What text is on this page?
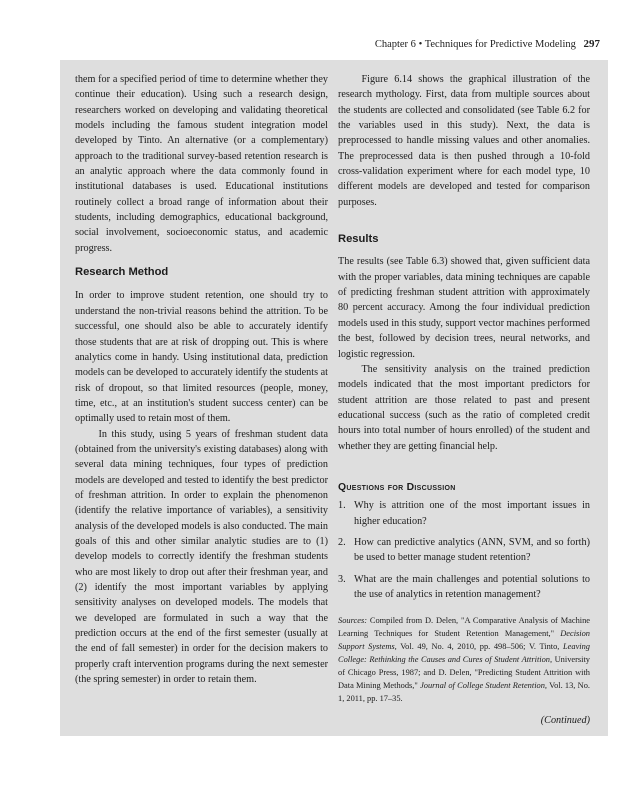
Chapter 6 • Techniques for Predictive Modeling 297

them for a specified period of time to determine whether they continue their education). Using such a research design, researchers worked on developing and validating theoretical models including the famous student integration model developed by Tinto. An alternative (or a complementary) approach to the traditional survey-based retention research is an analytic approach where the data commonly found in institutional databases is used. Educational institutions routinely collect a broad range of information about their students, including demographics, educational background, social involvement, socioeconomic status, and academic progress.

Research Method

In order to improve student retention, one should try to understand the non-trivial reasons behind the attrition. To be successful, one should also be able to accurately identify those students that are at risk of dropping out. This is where analytics come in handy. Using institutional data, prediction models can be developed to accurately identify the students at risk of dropout, so that limited resources (people, money, time, etc., at an institution's student success center) can be optimally used to retain most of them.

In this study, using 5 years of freshman student data (obtained from the university's existing databases) along with several data mining techniques, four types of prediction models are developed and tested to identify the best predictor of freshman attrition. In order to explain the phenomenon (identify the relative importance of variables), a sensitivity analysis of the developed models is also conducted. The main goals of this and other similar analytic studies are to (1) develop models to correctly identify the freshman students who are most likely to drop out after their freshman year, and (2) identify the most important variables by applying sensitivity analyses on developed models. The models that we developed are formulated in such a way that the prediction occurs at the end of the first semester (usually at the end of fall semester) in order for the decision makers to properly craft intervention programs during the next semester (the spring semester) in order to retain them.

Figure 6.14 shows the graphical illustration of the research mythology. First, data from multiple sources about the students are collected and consolidated (see Table 6.2 for the variables used in this study). Next, the data is preprocessed to handle missing values and other anomalies. The preprocessed data is then pushed through a 10-fold cross-validation experiment where for each model type, 10 different models are developed and tested for comparison purposes.

Results

The results (see Table 6.3) showed that, given sufficient data with the proper variables, data mining techniques are capable of predicting freshman student attrition with approximately 80 percent accuracy. Among the four individual prediction models used in this study, support vector machines performed the best, followed by decision trees, neural networks, and logistic regression.

The sensitivity analysis on the trained prediction models indicated that the most important predictors for student attrition are those related to past and present educational success (such as the ratio of completed credit hours into total number of hours enrolled) of the student and whether they are getting financial help.

Questions for Discussion
1. Why is attrition one of the most important issues in higher education?
2. How can predictive analytics (ANN, SVM, and so forth) be used to better manage student retention?
3. What are the main challenges and potential solutions to the use of analytics in retention management?

Sources: Compiled from D. Delen, "A Comparative Analysis of Machine Learning Techniques for Student Retention Management," Decision Support Systems, Vol. 49, No. 4, 2010, pp. 498–506; V. Tinto, Leaving College: Rethinking the Causes and Cures of Student Attrition, University of Chicago Press, 1987; and D. Delen, "Predicting Student Attrition with Data Mining Methods," Journal of College Student Retention, Vol. 13, No. 1, 2011, pp. 17–35.

(Continued)
